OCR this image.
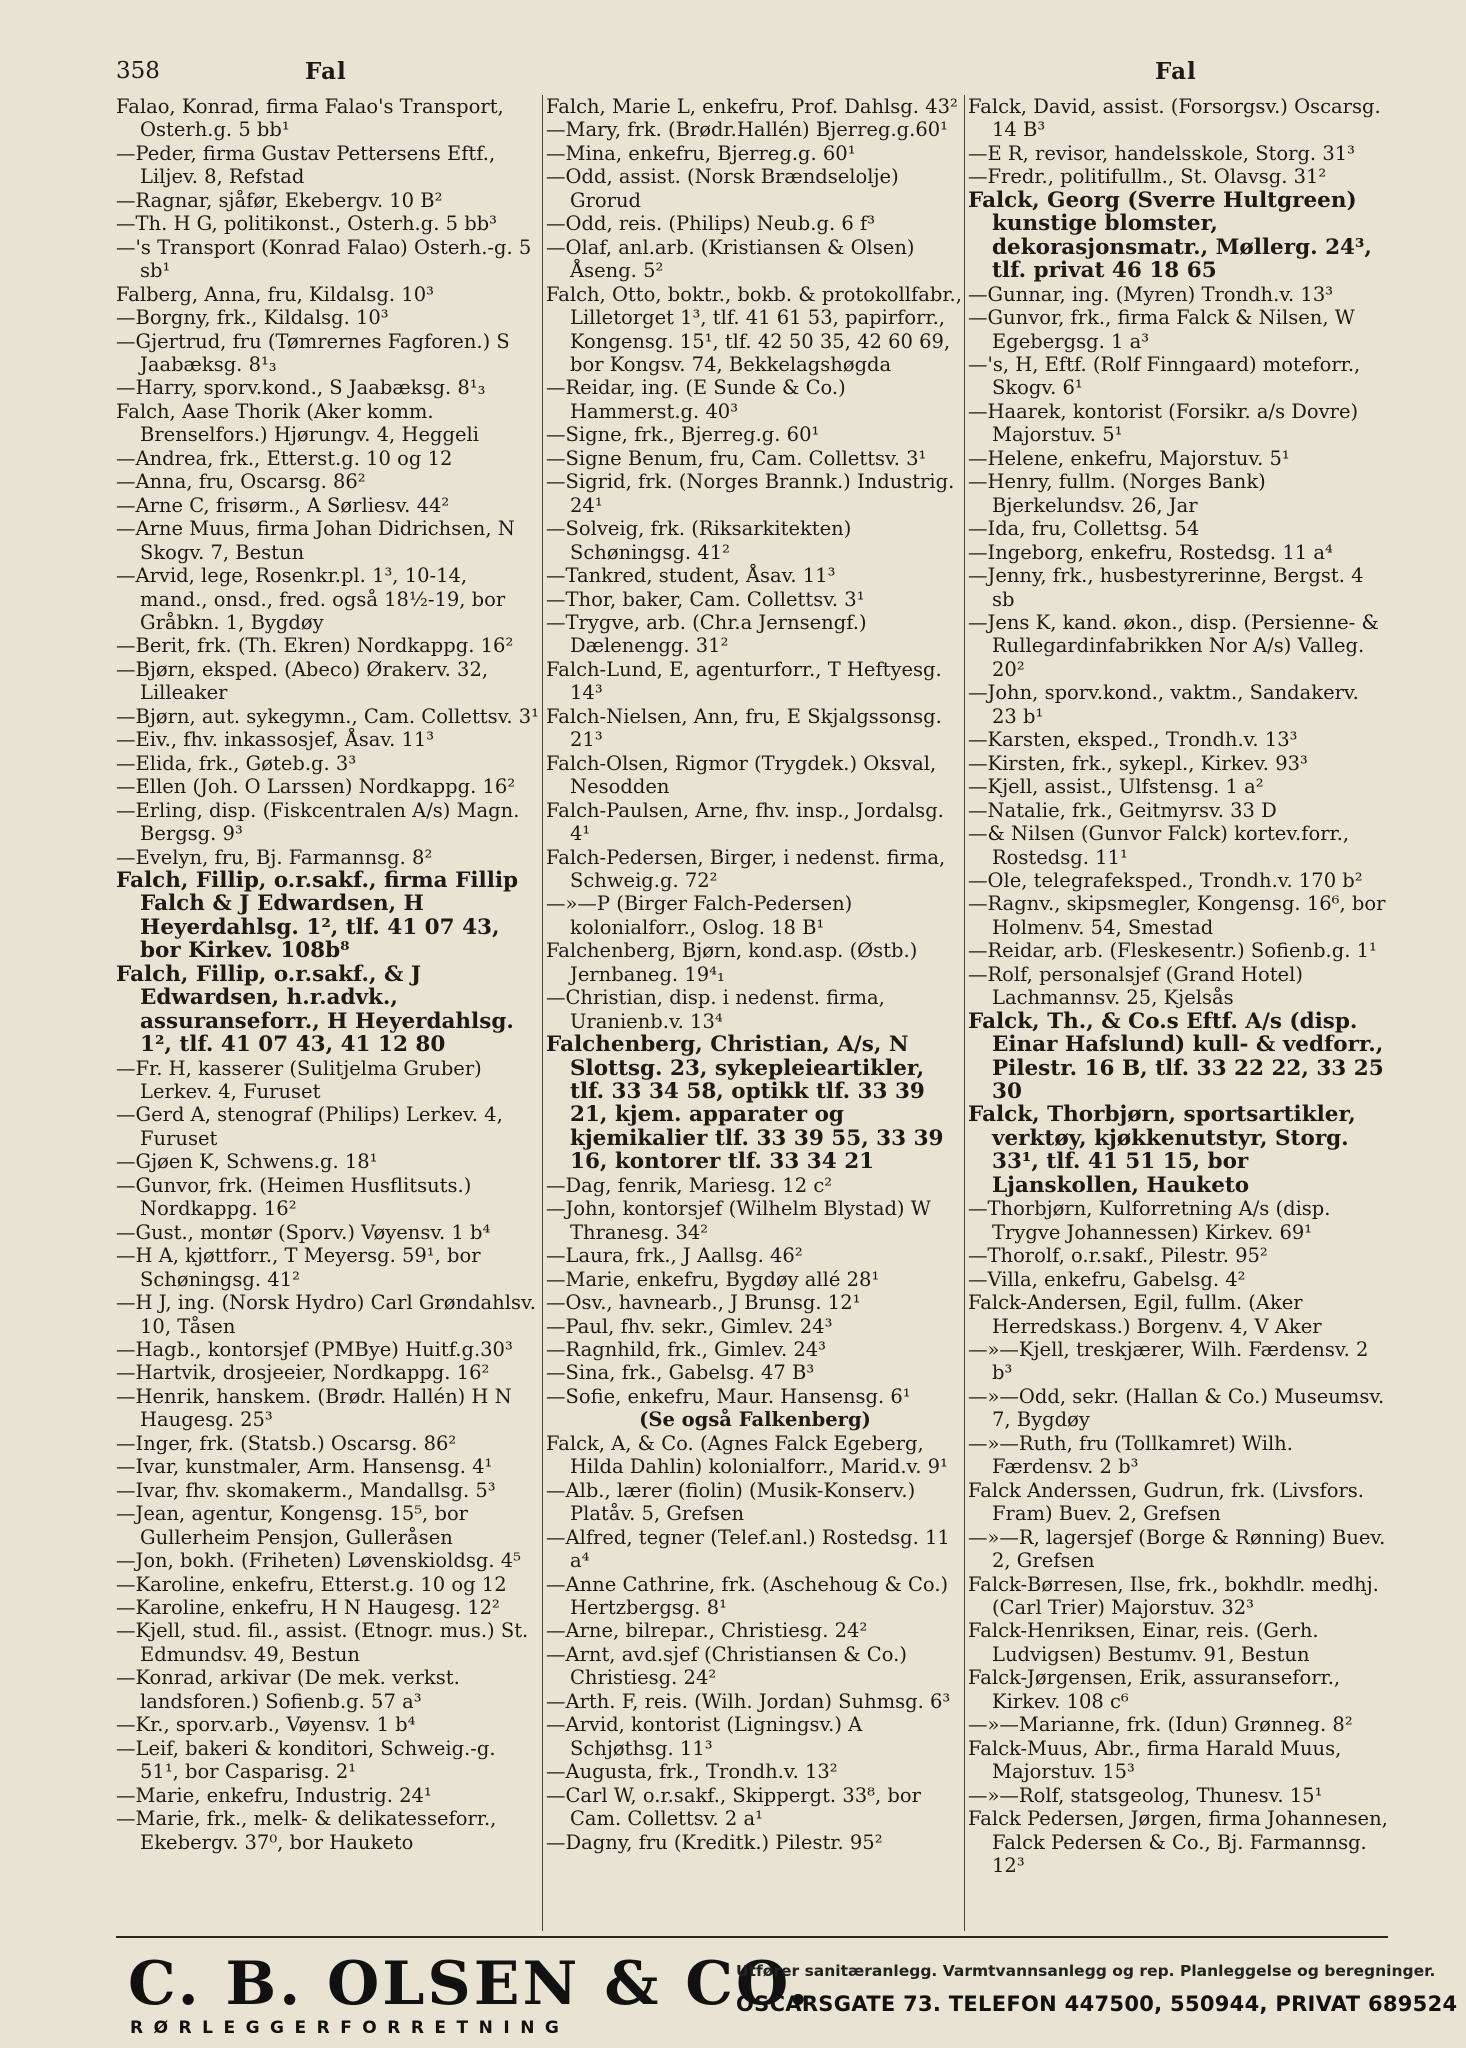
358	Fal	Fal
Falao, Konrad, firma Falao's Transport, Osterh.g. 5 bb¹
—Peder, firma Gustav Pettersens Eftf., Liljev. 8, Refstad
—Ragnar, sjåfør, Ekebergv. 10 B²
—Th. H G, politikonst., Osterh.g. 5 bb³
—'s Transport (Konrad Falao) Osterh.-g. 5 sb¹
Falberg, Anna, fru, Kildalsg. 10³
—Borgny, frk., Kildalsg. 10³
—Gjertrud, fru (Tømrernes Fagforen.) S Jaabæksg. 8¹₃
—Harry, sporv.kond., S Jaabæksg. 8¹₃
Falch, Aase Thorik (Aker komm. Brenselfors.) Hjørungv. 4, Heggeli
—Andrea, frk., Etterst.g. 10 og 12
—Anna, fru, Oscarsg. 86²
—Arne C, frisørm., A Sørliesv. 44²
—Arne Muus, firma Johan Didrichsen, N Skogv. 7, Bestun
—Arvid, lege, Rosenkr.pl. 1³, 10-14, mand., onsd., fred. også 18½-19, bor Gråbkn. 1, Bygdøy
—Berit, frk. (Th. Ekren) Nordkappg. 16²
—Bjørn, eksped. (Abeco) Ørakerv. 32, Lilleaker
—Bjørn, aut. sykegymn., Cam. Collettsv. 3¹
—Eiv., fhv. inkassosjef, Åsav. 11³
—Elida, frk., Gøteb.g. 3³
—Ellen (Joh. O Larssen) Nordkappg. 16²
—Erling, disp. (Fiskcentralen A/s) Magn. Bergsg. 9³
—Evelyn, fru, Bj. Farmannsg. 8²
Falch, Fillip, o.r.sakf., firma Fillip Falch & J Edwardsen, H Heyerdahlsg. 1², tlf. 41 07 43, bor Kirkev. 108b⁸
Falch, Fillip, o.r.sakf., & J Edwardsen, h.r.advk., assuranseforr., H Heyerdahlsg. 1², tlf. 41 07 43, 41 12 80
—Fr. H, kasserer (Sulitjelma Gruber) Lerkev. 4, Furuset
—Gerd A, stenograf (Philips) Lerkev. 4, Furuset
—Gjøen K, Schwens.g. 18¹
—Gunvor, frk. (Heimen Husflitsuts.) Nordkappg. 16²
—Gust., montør (Sporv.) Vøyensv. 1 b⁴
—H A, kjøttforr., T Meyersg. 59¹, bor Schøningsg. 41²
—H J, ing. (Norsk Hydro) Carl Grøndahlsv. 10, Tåsen
—Hagb., kontorsjef (PMBye) Huitf.g.30³
—Hartvik, drosjeeier, Nordkappg. 16²
—Henrik, hanskem. (Brødr. Hallén) H N Haugesg. 25³
—Inger, frk. (Statsb.) Oscarsg. 86²
—Ivar, kunstmaler, Arm. Hansensg. 4¹
—Ivar, fhv. skomakerm., Mandallsg. 5³
—Jean, agentur, Kongensg. 15⁵, bor Gullerheim Pensjon, Gulleråsen
—Jon, bokh. (Friheten) Løvenskioldsg. 4⁵
—Karoline, enkefru, Etterst.g. 10 og 12
—Karoline, enkefru, H N Haugesg. 12²
—Kjell, stud. fil., assist. (Etnogr. mus.) St. Edmundsv. 49, Bestun
—Konrad, arkivar (De mek. verkst. landsforen.) Sofienb.g. 57 a³
—Kr., sporv.arb., Vøyensv. 1 b⁴
—Leif, bakeri & konditori, Schweig.-g. 51¹, bor Casparisg. 2¹
—Marie, enkefru, Industrig. 24¹
—Marie, frk., melk- & delikatesseforr., Ekebergv. 37⁰, bor Hauketo
Falch, Marie L, enkefru, Prof. Dahlsg. 43²
—Mary, frk. (Brødr.Hallén) Bjerreg.g.60¹
—Mina, enkefru, Bjerreg.g. 60¹
—Odd, assist. (Norsk Brændselolje) Grorud
—Odd, reis. (Philips) Neub.g. 6 f³
—Olaf, anl.arb. (Kristiansen & Olsen) Åseng. 5²
Falch, Otto, boktr., bokb. & protokollfabr., Lilletorget 1³, tlf. 41 61 53, papirforr., Kongensg. 15¹, tlf. 42 50 35, 42 60 69, bor Kongsv. 74, Bekkelagshøgda
—Reidar, ing. (E Sunde & Co.) Hammerst.g. 40³
—Signe, frk., Bjerreg.g. 60¹
—Signe Benum, fru, Cam. Collettsv. 3¹
—Sigrid, frk. (Norges Brannk.) Industrig. 24¹
—Solveig, frk. (Riksarkitekten) Schøningsg. 41²
—Tankred, student, Åsav. 11³
—Thor, baker, Cam. Collettsv. 3¹
—Trygve, arb. (Chr.a Jernsengf.) Dælenengg. 31²
Falch-Lund, E, agenturforr., T Heftyesg. 14³
Falch-Nielsen, Ann, fru, E Skjalgssonsg. 21³
Falch-Olsen, Rigmor (Trygdek.) Oksval, Nesodden
Falch-Paulsen, Arne, fhv. insp., Jordalsg. 4¹
Falch-Pedersen, Birger, i nedenst. firma, Schweig.g. 72²
—»—P (Birger Falch-Pedersen) kolonialforr., Oslog. 18 B¹
Falchenberg, Bjørn, kond.asp. (Østb.) Jernbaneg. 19⁴₁
—Christian, disp. i nedenst. firma, Uranienb.v. 13⁴
Falchenberg, Christian, A/s, N Slottsg. 23, sykepleieartikler, tlf. 33 34 58, optikk tlf. 33 39 21, kjem. apparater og kjemikalier tlf. 33 39 55, 33 39 16, kontorer tlf. 33 34 21
—Dag, fenrik, Mariesg. 12 c²
—John, kontorsjef (Wilhelm Blystad) W Thranesg. 34²
—Laura, frk., J Aallsg. 46²
—Marie, enkefru, Bygdøy allé 28¹
—Osv., havnearb., J Brunsg. 12¹
—Paul, fhv. sekr., Gimlev. 24³
—Ragnhild, frk., Gimlev. 24³
—Sina, frk., Gabelsg. 47 B³
—Sofie, enkefru, Maur. Hansensg. 6¹
(Se også Falkenberg)
Falck, A, & Co. (Agnes Falck Egeberg, Hilda Dahlin) kolonialforr., Marid.v. 9¹
—Alb., lærer (fiolin) (Musik-Konserv.) Platåv. 5, Grefsen
—Alfred, tegner (Telef.anl.) Rostedsg. 11 a⁴
—Anne Cathrine, frk. (Aschehoug & Co.) Hertzbergsg. 8¹
—Arne, bilrepar., Christiesg. 24²
—Arnt, avd.sjef (Christiansen & Co.) Christiesg. 24²
—Arth. F, reis. (Wilh. Jordan) Suhmsg. 6³
—Arvid, kontorist (Ligningsv.) A Schjøthsg. 11³
—Augusta, frk., Trondh.v. 13²
—Carl W, o.r.sakf., Skippergt. 33⁸, bor Cam. Collettsv. 2 a¹
—Dagny, fru (Kreditk.) Pilestr. 95²
Falck, David, assist. (Forsorgsv.) Oscarsg. 14 B³
—E R, revisor, handelsskole, Storg. 31³
—Fredr., politifullm., St. Olavsg. 31²
Falck, Georg (Sverre Hultgreen) kunstige blomster, dekorasjonsmatr., Møllerg. 24³, tlf. privat 46 18 65
—Gunnar, ing. (Myren) Trondh.v. 13³
—Gunvor, frk., firma Falck & Nilsen, W Egebergsg. 1 a³
—'s, H, Eftf. (Rolf Finngaard) moteforr., Skogv. 6¹
—Haarek, kontorist (Forsikr. a/s Dovre) Majorstuv. 5¹
—Helene, enkefru, Majorstuv. 5¹
—Henry, fullm. (Norges Bank) Bjerkelundsv. 26, Jar
—Ida, fru, Collettsg. 54
—Ingeborg, enkefru, Rostedsg. 11 a⁴
—Jenny, frk., husbestyrerinne, Bergst. 4 sb
—Jens K, kand. økon., disp. (Persienne- & Rullegardinfabrikken Nor A/s) Valleg. 20²
—John, sporv.kond., vaktm., Sandakerv. 23 b¹
—Karsten, eksped., Trondh.v. 13³
—Kirsten, frk., sykepl., Kirkev. 93³
—Kjell, assist., Ulfstensg. 1 a²
—Natalie, frk., Geitmyrsv. 33 D
—& Nilsen (Gunvor Falck) kortev.forr., Rostedsg. 11¹
—Ole, telegrafeksped., Trondh.v. 170 b²
—Ragnv., skipsmegler, Kongensg. 16⁶, bor Holmenv. 54, Smestad
—Reidar, arb. (Fleskesentr.) Sofienb.g. 1¹
—Rolf, personalsjef (Grand Hotel) Lachmannsv. 25, Kjelsås
Falck, Th., & Co.s Eftf. A/s (disp. Einar Hafslund) kull- & vedforr., Pilestr. 16 B, tlf. 33 22 22, 33 25 30
Falck, Thorbjørn, sportsartikler, verktøy, kjøkkenutstyr, Storg. 33¹, tlf. 41 51 15, bor Ljanskollen, Hauketo
—Thorbjørn, Kulforretning A/s (disp. Trygve Johannessen) Kirkev. 69¹
—Thorolf, o.r.sakf., Pilestr. 95²
—Villa, enkefru, Gabelsg. 4²
Falck-Andersen, Egil, fullm. (Aker Herredskass.) Borgenv. 4, V Aker
—»—Kjell, treskjærer, Wilh. Færdensv. 2 b³
—»—Odd, sekr. (Hallan & Co.) Museumsv. 7, Bygdøy
—»—Ruth, fru (Tollkamret) Wilh. Færdensv. 2 b³
Falck Anderssen, Gudrun, frk. (Livsfors. Fram) Buev. 2, Grefsen
—»—R, lagersjef (Borge & Rønning) Buev. 2, Grefsen
Falck-Børresen, Ilse, frk., bokhdlr. medhj. (Carl Trier) Majorstuv. 32³
Falck-Henriksen, Einar, reis. (Gerh. Ludvigsen) Bestumv. 91, Bestun
Falck-Jørgensen, Erik, assuranseforr., Kirkev. 108 c⁶
—»—Marianne, frk. (Idun) Grønneg. 8²
Falck-Muus, Abr., firma Harald Muus, Majorstuv. 15³
—»—Rolf, statsgeolog, Thunesv. 15¹
Falck Pedersen, Jørgen, firma Johannesen, Falck Pedersen & Co., Bj. Farmannsg. 12³
C. B. OLSEN & CO.
RØRLEGGERFORRETNING
Utfører sanitæranlegg. Varmtvannsanlegg og rep. Planleggelse og beregninger.
OSCARSGATE 73. TELEFON 447500, 550944, PRIVAT 689524
